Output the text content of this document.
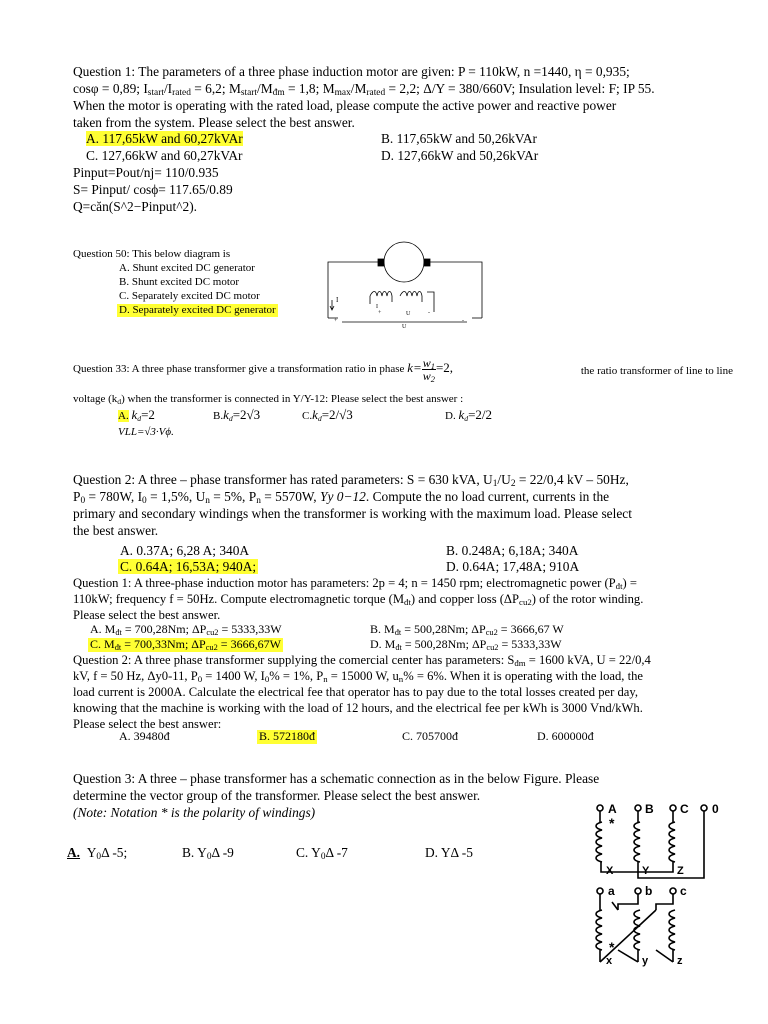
Question 1: The parameters of a three phase induction motor are given: P = 110kW, n =1440, η = 0,935;
cosφ = 0,89; $I_{start}/I_{rated} = 6,2$; $M_{start}/M_{đm} = 1,8$; $M_{max}/M_{rated} = 2,2$; Δ/Y = 380/660V; Insulation level: F; IP 55.
When the motor is operating with the rated load, please compute the active power and reactive power
taken from the system. Please select the best answer.
A. 117,65kW and 60,27kVAr	B. 117,65kW and 50,26kVAr
C. 127,66kW and 60,27kVAr	D. 127,66kW and 50,26kVAr
Pinput=Pout/nj= 110/0.935
S= Pinput/ cosϕ= 117.65/0.89
Q=căn(S^2−Pinput^2).
Question 50: This below diagram is
A. Shunt excited DC generator
B. Shunt excited DC motor
C. Separately excited DC motor
D. Separately excited DC generator
I
I
U
U
+	-
+	-
Question 33: A three phase transformer give a transformation ratio in phase $k= \frac{w_1}{w_2} =2$,	the ratio transformer of line to line
voltage $(k_d)$ when the transformer is connected in Y/Y-12: Please select the best answer :
A. $k_d=2$	$B.k_d=2√3$	$C.k_d=2/√3$	D. $k_d=2/2$
VLL=√3·Vϕ.
Question 2: A three – phase transformer has rated parameters: S = 630 kVA, $U_1/U_2 = 22/0,4$ kV – 50Hz,
$P_0 = 780W$, $I_0 = 1,5\%$, $U_n = 5\%$, $P_n = 5570W$, Yy 0−12. Compute the no load current, currents in the
primary and secondary windings when the transformer is working with the maximum load. Please select
the best answer.
A. 0.37A; 6,28 A; 340A	B. 0.248A; 6,18A; 340A
C. 0.64A; 16,53A; 940A;	D. 0.64A; 17,48A; 910A
Question 1: A three-phase induction motor has parameters: 2p = 4; n = 1450 rpm; electromagnetic power $(P_{đt})$ =
110kW; frequency f = 50Hz. Compute electromagnetic torque $(M_{đt})$ and copper loss $(\Delta P_{cu2})$ of the rotor winding.
Please select the best answer.
A. $M_{đt} = 700,28Nm$; $\Delta P_{cu2} = 5333,33W$	B. $M_{đt} = 500,28Nm$; $\Delta P_{cu2} = 3666,67$ W
C. $M_{đt} = 700,33Nm$; $\Delta P_{cu2} = 3666,67W$	D. $M_{đt} = 500,28Nm$; $\Delta P_{cu2} = 5333,33W$
Question 2: A three phase transformer supplying the comercial center has parameters: $S_{đm} = 1600$ kVA, U = 22/0,4
kV, f = 50 Hz, Δy0-11, $P_0 = 1400$ W, $I_0\% = 1\%$, $P_n = 15000$ W, $u_n\% = 6\%$. When it is operating with the load, the
load current is 2000A. Calculate the electrical fee that operator has to pay due to the total losses created per day,
knowing that the machine is working with the load of 12 hours, and the electrical fee per kWh is 3000 Vnd/kWh.
Please select the best answer:
A. 39480đ	B. 572180đ	C. 705700đ	D. 600000đ
Question 3: A three – phase transformer has a schematic connection as in the below Figure. Please
determine the vector group of the transformer. Please select the best answer.
(Note: Notation * is the polarity of windings)
A. $Y_0\Delta$ -5;	B. $Y_0\Delta$ -9	C. $Y_0\Delta$ -7	D. YΔ -5
A B C 0
*
X	Y	Z
a	b c
*
x	y	z
